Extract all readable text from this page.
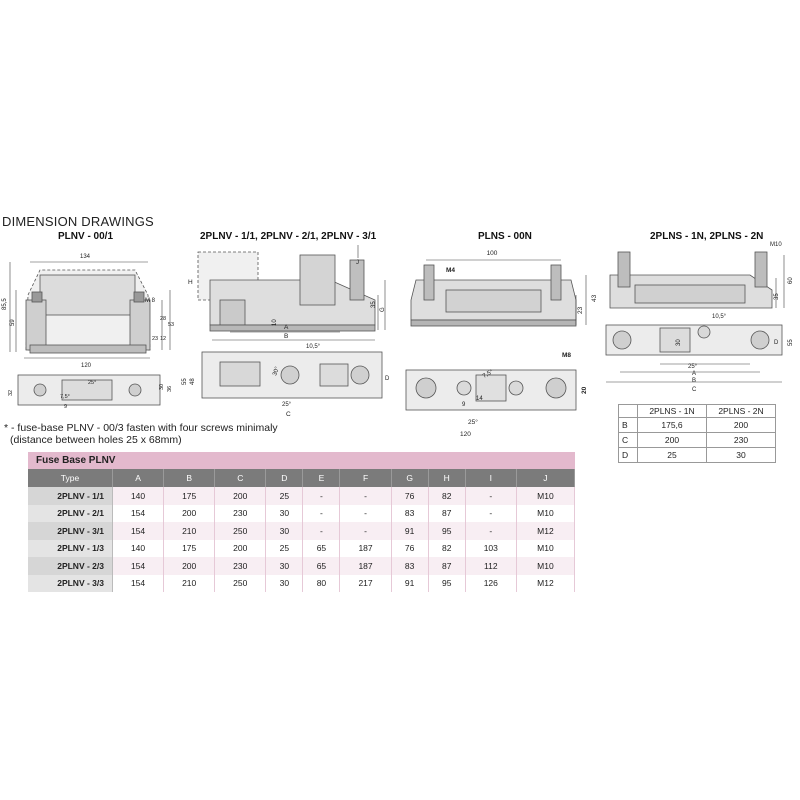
DIMENSION DRAWINGS
PLNV - 00/1
134
85,5
59
M 8
28
53
23 12
120
25°
7,5°
9
32
30 36
2PLNV - 1/1, 2PLNV - 2/1, 2PLNV - 3/1
H
J
35
G
10
A
B
10,5°
55 48
30°
D
25°
C
PLNS - 00N
100
M4
43
23
M8
7,5°
9
14
20
25°
120
2PLNS - 1N, 2PLNS - 2N
M10
60
35
10,5°
30	D 55
25°
A
B
C
	2PLNS - 1N	2PLNS - 2N
B	175,6	200
C	200	230
D	25	30
* - fuse-base PLNV - 00/3 fasten with four screws minimaly
(distance between holes 25 x 68mm)
Fuse Base PLNV
Type	A	B	C	D	E	F	G	H	I	J
2PLNV - 1/1	140	175	200	25	-	-	76	82	-	M10
2PLNV - 2/1	154	200	230	30	-	-	83	87	-	M10
2PLNV - 3/1	154	210	250	30	-	-	91	95	-	M12
2PLNV - 1/3	140	175	200	25	65	187	76	82	103	M10
2PLNV - 2/3	154	200	230	30	65	187	83	87	112	M10
2PLNV - 3/3	154	210	250	30	80	217	91	95	126	M12
